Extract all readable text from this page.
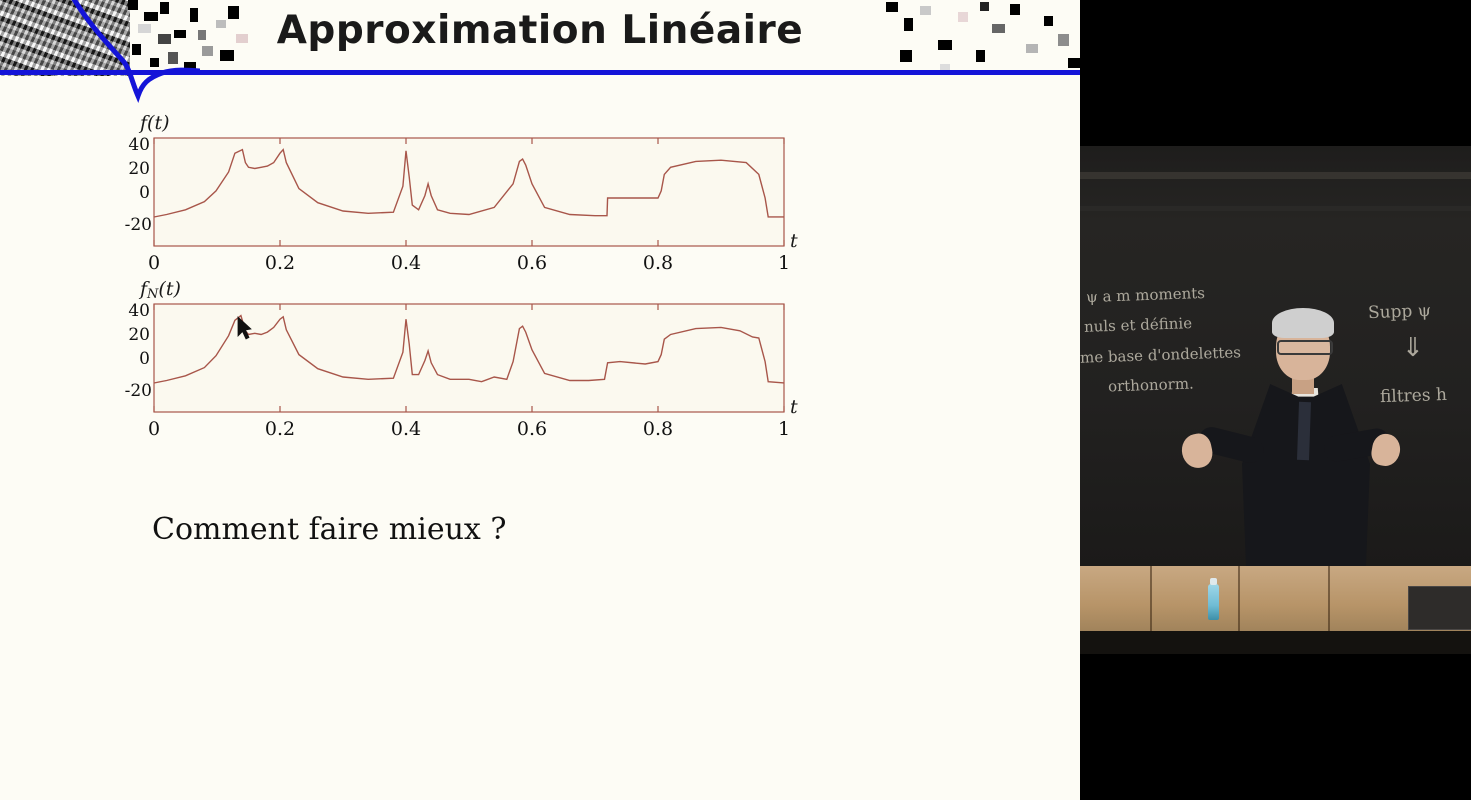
Approximation Linéaire
f(t)
t
40
20
0
-20
0	0.2	0.4	0.6	0.8	1
$f_N(t)$
t
40
20
0
-20
0	0.2	0.4	0.6	0.8	1
Comment faire mieux ?
ψ a m moments
nuls et définie
me base d'ondelettes
orthonorm.
Supp ψ
⇓
filtres h
